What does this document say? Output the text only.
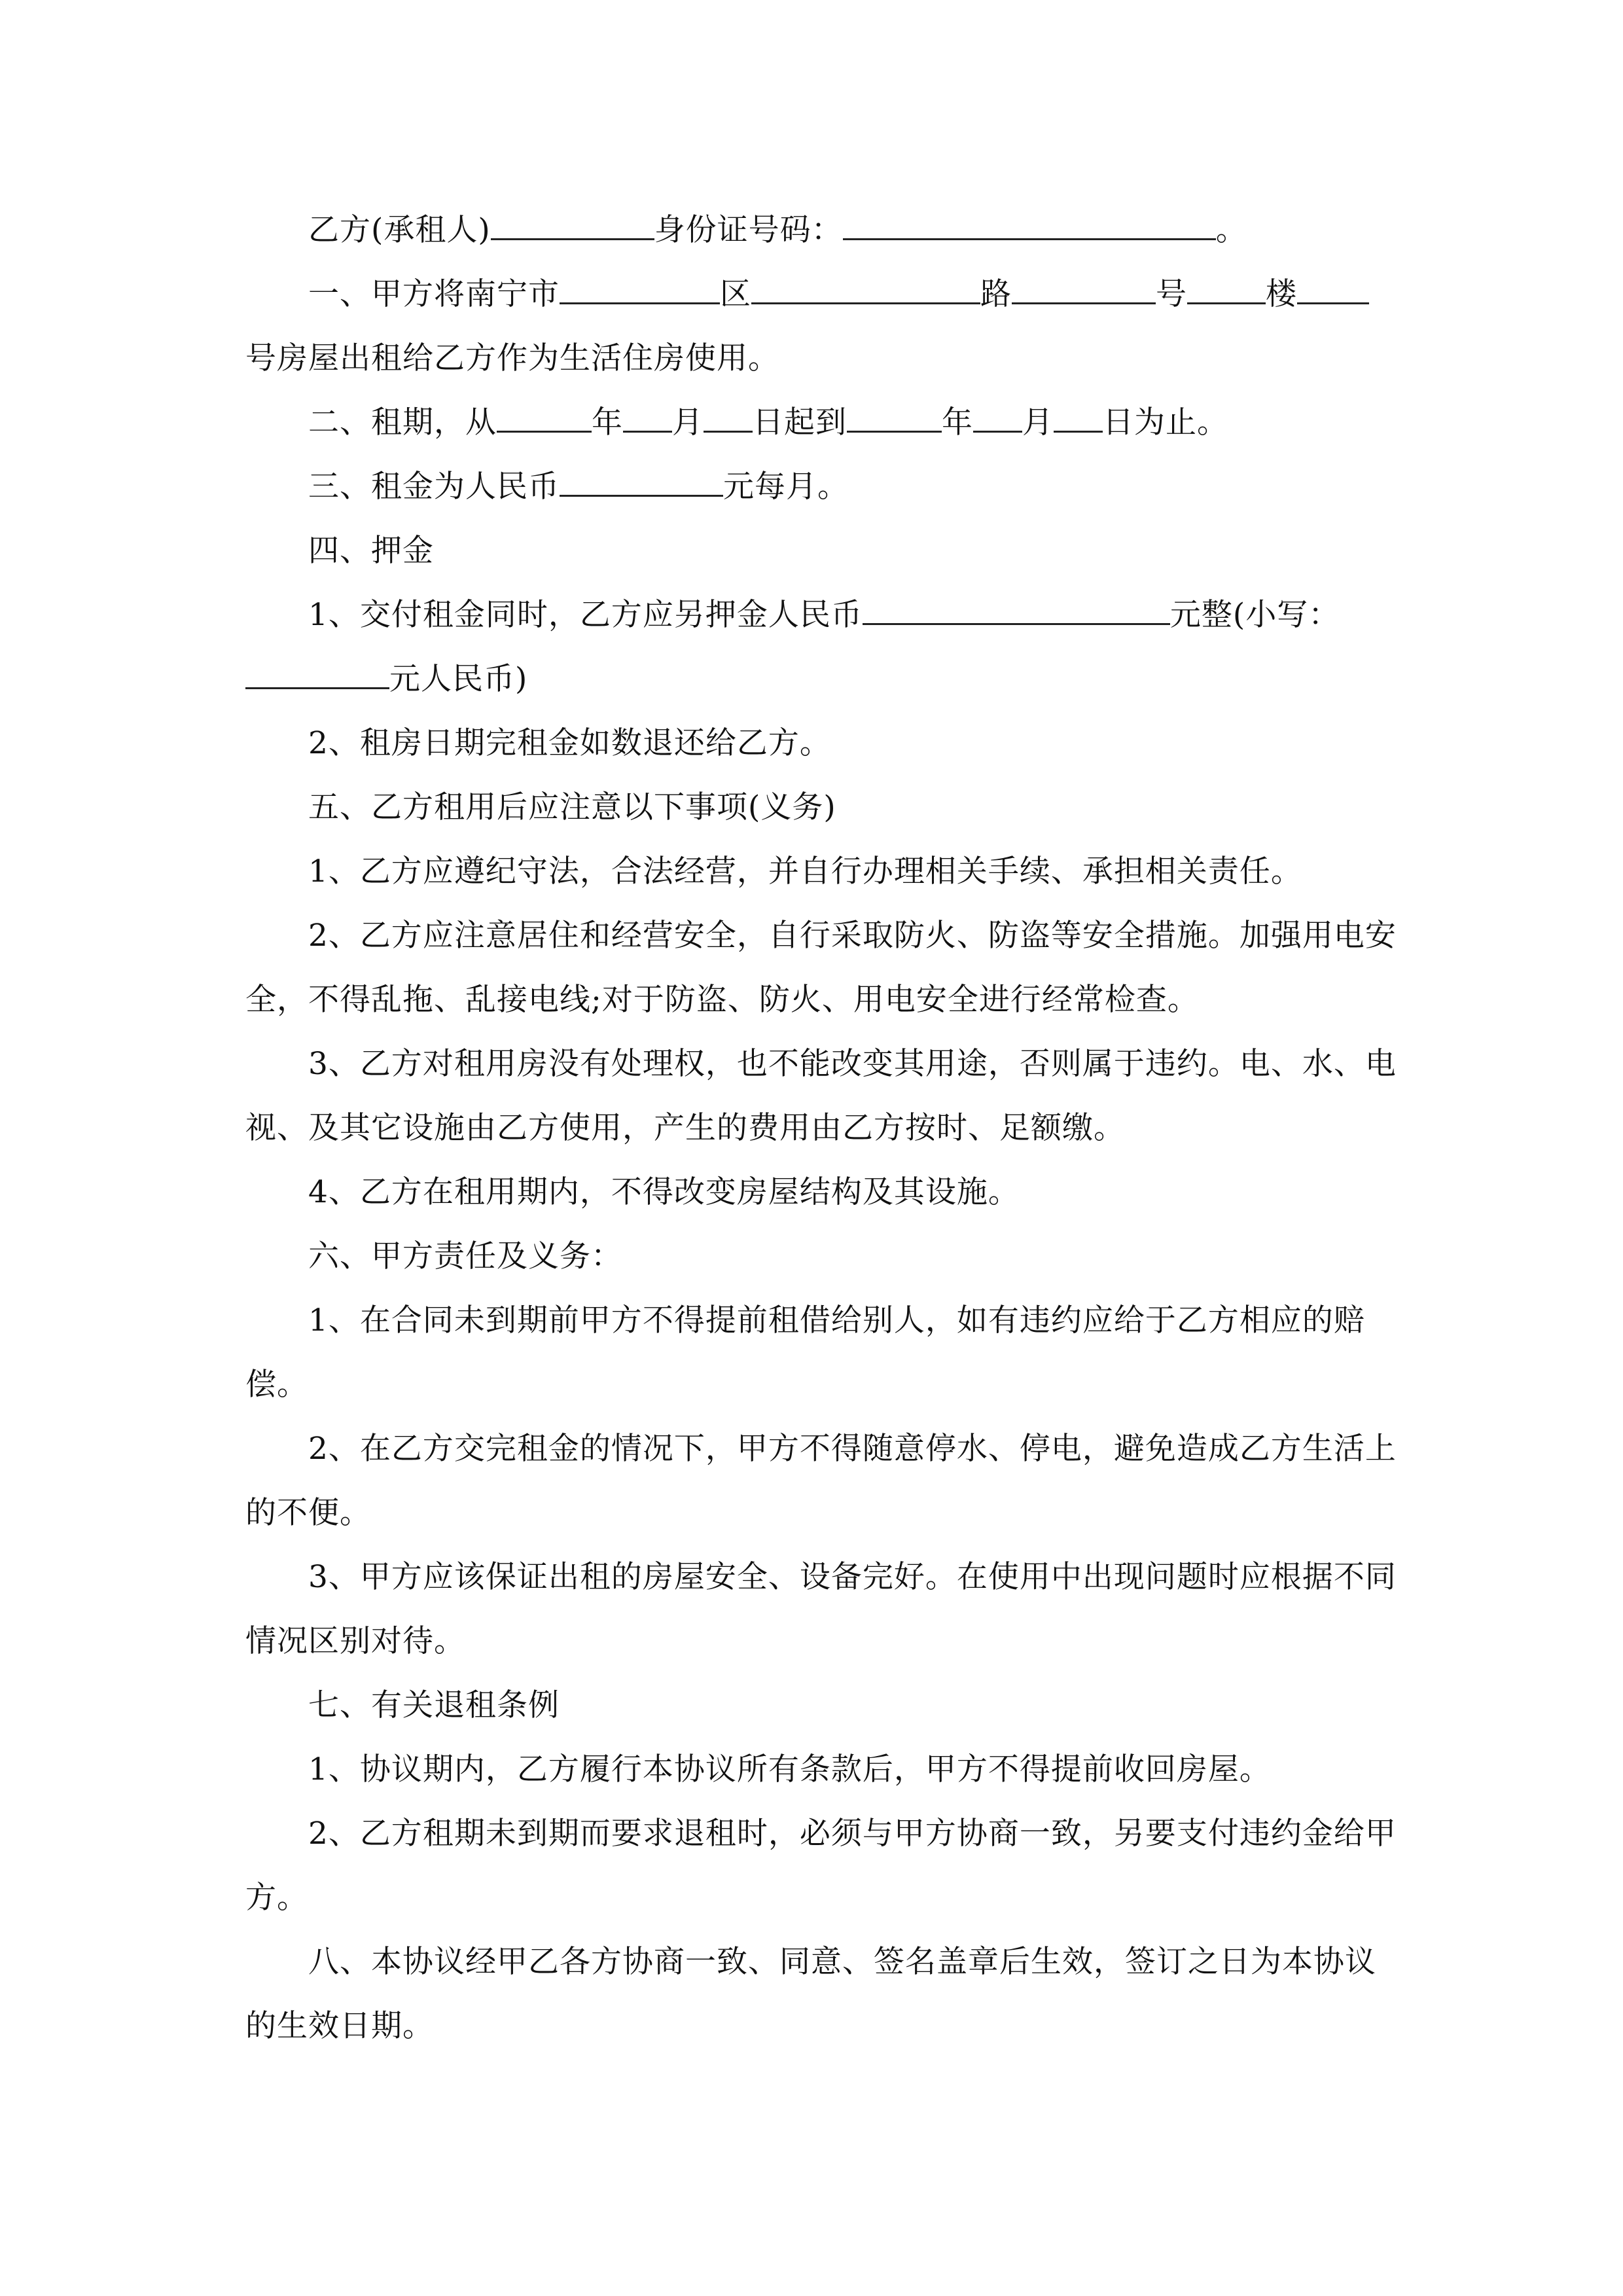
乙方(承租人)	身份证号码：	。

一、甲方将南宁市	区	路	号	楼

号房屋出租给乙方作为生活住房使用。

二、租期，从	年 月 日起到	年 月 日为止。

三、租金为人民币	元每月。

四、押金

1、交付租金同时，乙方应另押金人民币	元整(小写：

元人民币)

2、租房日期完租金如数退还给乙方。

五、乙方租用后应注意以下事项(义务)

1、乙方应遵纪守法，合法经营，并自行办理相关手续、承担相关责任。

2、乙方应注意居住和经营安全，自行采取防火、防盗等安全措施。加强用电安全，不得乱拖、乱接电线;对于防盗、防火、用电安全进行经常检查。

3、乙方对租用房没有处理权，也不能改变其用途，否则属于违约。电、水、电视、及其它设施由乙方使用，产生的费用由乙方按时、足额缴。

4、乙方在租用期内，不得改变房屋结构及其设施。

六、甲方责任及义务：

1、在合同未到期前甲方不得提前租借给别人，如有违约应给于乙方相应的赔偿。

2、在乙方交完租金的情况下，甲方不得随意停水、停电，避免造成乙方生活上的不便。

3、甲方应该保证出租的房屋安全、设备完好。在使用中出现问题时应根据不同情况区别对待。

七、有关退租条例

1、协议期内，乙方履行本协议所有条款后，甲方不得提前收回房屋。

2、乙方租期未到期而要求退租时，必须与甲方协商一致，另要支付违约金给甲方。

八、本协议经甲乙各方协商一致、同意、签名盖章后生效，签订之日为本协议的生效日期。
